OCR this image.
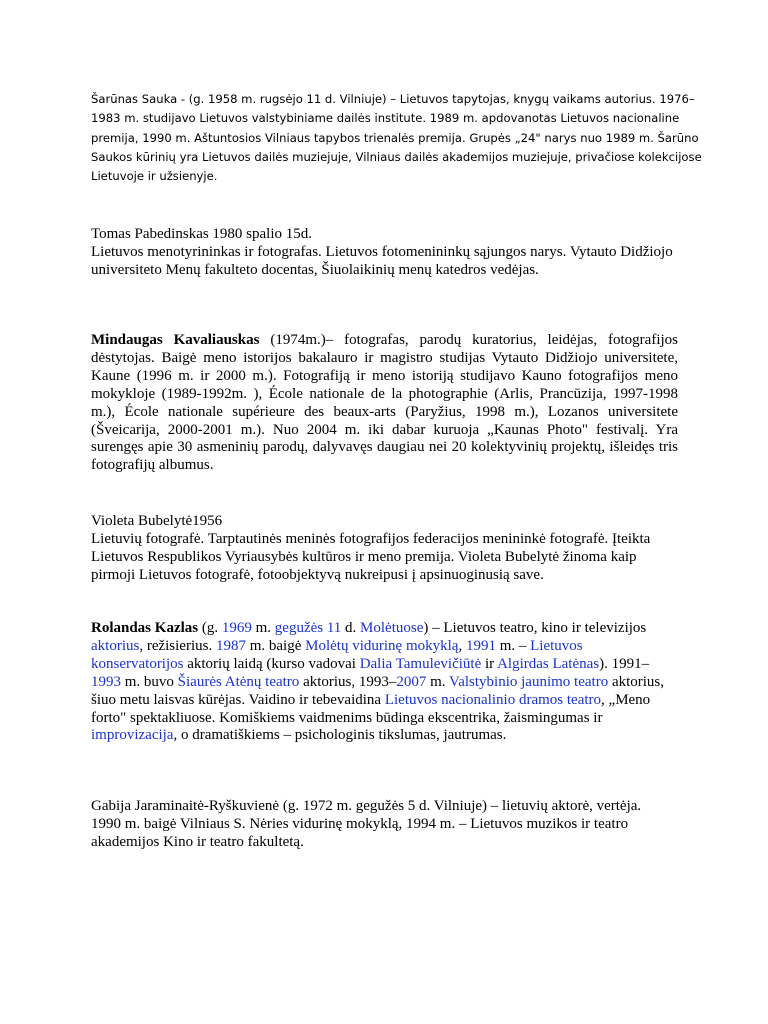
Šarūnas Sauka - (g. 1958 m. rugsėjo 11 d. Vilniuje) – Lietuvos tapytojas, knygų vaikams autorius. 1976–
1983 m. studijavo Lietuvos valstybiniame dailės institute. 1989 m. apdovanotas Lietuvos nacionaline
premija, 1990 m. Aštuntosios Vilniaus tapybos trienalės premija. Grupės „24" narys nuo 1989 m. Šarūno
Saukos kūrinių yra Lietuvos dailės muziejuje, Vilniaus dailės akademijos muziejuje, privačiose kolekcijose
Lietuvoje ir užsienyje.

Tomas Pabedinskas 1980 spalio 15d.
Lietuvos menotyrininkas ir fotografas. Lietuvos fotomenininkų sąjungos narys. Vytauto Didžiojo
universiteto Menų fakulteto docentas, Šiuolaikinių menų katedros vedėjas.

Mindaugas Kavaliauskas (1974m.)– fotografas, parodų kuratorius, leidėjas, fotografijos
dėstytojas. Baigė meno istorijos bakalauro ir magistro studijas Vytauto Didžiojo universitete,
Kaune (1996 m. ir 2000 m.). Fotografiją ir meno istoriją studijavo Kauno fotografijos meno
mokykloje (1989-1992m. ), École nationale de la photographie (Arlis, Prancūzija, 1997-1998
m.), École nationale supérieure des beaux-arts (Paryžius, 1998 m.), Lozanos universitete
(Šveicarija, 2000-2001 m.). Nuo 2004 m. iki dabar kuruoja „Kaunas Photo" festivalį. Yra
surengęs apie 30 asmeninių parodų, dalyvavęs daugiau nei 20 kolektyvinių projektų, išleidęs tris
fotografijų albumus.

Violeta Bubelytė1956
Lietuvių fotografė. Tarptautinės meninės fotografijos federacijos menininkė fotografė. Įteikta
Lietuvos Respublikos Vyriausybės kultūros ir meno premija. Violeta Bubelytė žinoma kaip
pirmoji Lietuvos fotografė, fotoobjektyvą nukreipusi į apsinuoginusią save.

Rolandas Kazlas (g. 1969 m. gegužės 11 d. Molėtuose) – Lietuvos teatro, kino ir televizijos
aktorius, režisierius. 1987 m. baigė Molėtų vidurinę mokyklą, 1991 m. – Lietuvos
konservatorijos aktorių laidą (kurso vadovai Dalia Tamulevičiūtė ir Algirdas Latėnas). 1991–
1993 m. buvo Šiaurės Atėnų teatro aktorius, 1993–2007 m. Valstybinio jaunimo teatro aktorius,
šiuo metu laisvas kūrėjas. Vaidino ir tebevaidina Lietuvos nacionalinio dramos teatro, „Meno
forto" spektakliuose. Komiškiems vaidmenims būdinga ekscentrika, žaismingumas ir
improvizacija, o dramatiškiems – psichologinis tikslumas, jautrumas.

Gabija Jaraminaitė-Ryškuvienė (g. 1972 m. gegužės 5 d. Vilniuje) – lietuvių aktorė, vertėja.
1990 m. baigė Vilniaus S. Nėries vidurinę mokyklą, 1994 m. – Lietuvos muzikos ir teatro
akademijos Kino ir teatro fakultetą.
